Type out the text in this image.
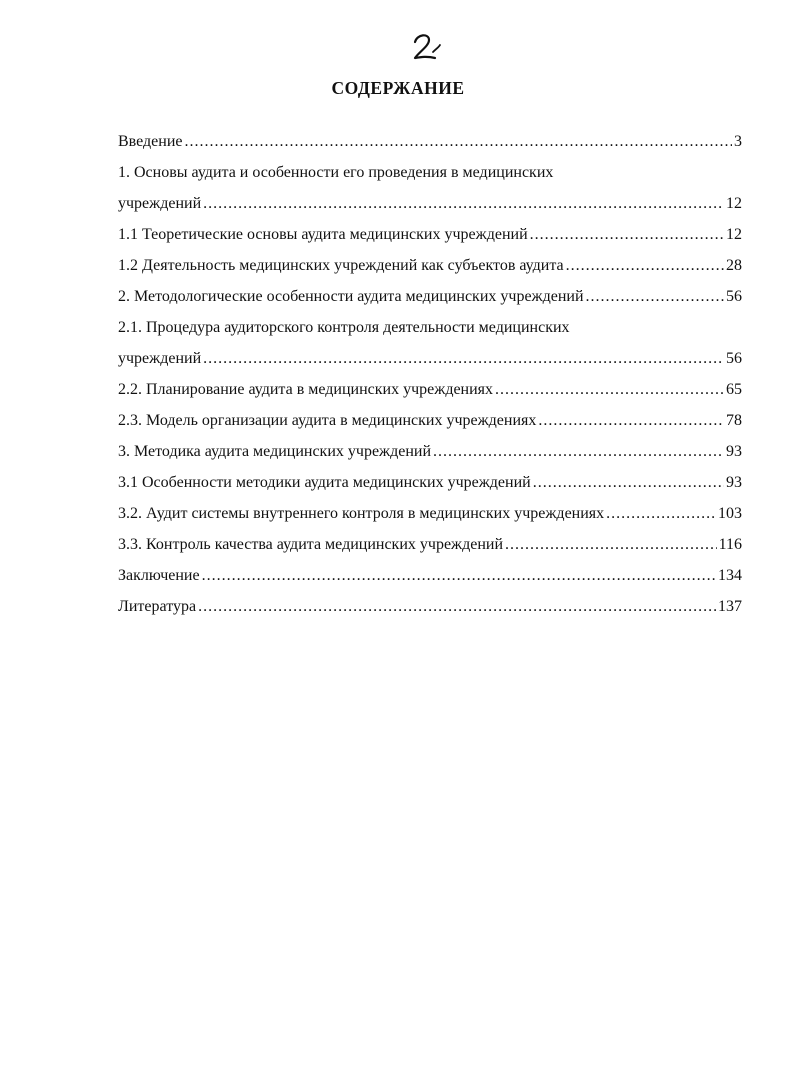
СОДЕРЖАНИЕ
Введение .....	3
1. Основы аудита и особенности его проведения в медицинских
учреждений .....	12
1.1 Теоретические основы аудита медицинских учреждений .....	12
1.2 Деятельность медицинских учреждений как субъектов аудита .....	28
2. Методологические особенности аудита медицинских учреждений .....	56
2.1. Процедура аудиторского контроля деятельности медицинских
учреждений .....	56
2.2. Планирование аудита в медицинских учреждениях .....	65
2.3. Модель организации аудита в медицинских учреждениях .....	78
3. Методика аудита медицинских учреждений .....	93
3.1 Особенности методики аудита медицинских учреждений .....	93
3.2. Аудит системы внутреннего контроля в медицинских учреждениях .....	103
3.3. Контроль качества аудита медицинских учреждений .....	116
Заключение .....	134
Литература .....	137
